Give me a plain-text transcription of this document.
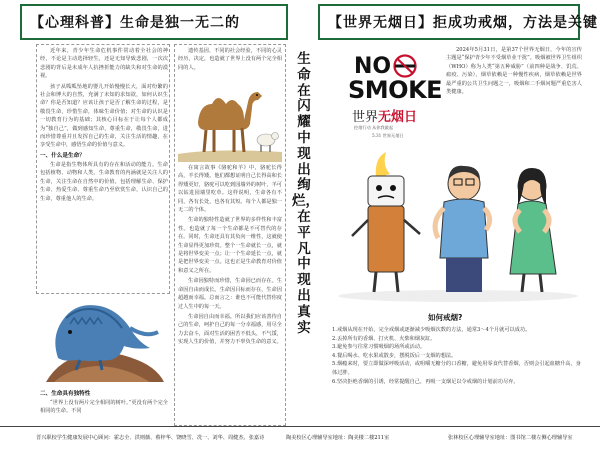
【心理科普】生命是独一无二的	【世界无烟日】拒成功戒烟，方法是关键

近年来，青少年生命危机事件常动着全社会的神经，不论是主动选择轻生，还是无知导致悲剧，一次次悲剧的背后是未成年人抗挫折能力的缺失和对生命的漠视。

孩子从呱呱坠地的婴儿开始慢慢长大，面对纷繁的社会和博大的自然，充满了未知的求知欲，如何认识生命？你是否知道？应该让孩子是否了解生命的过程，是敬畏生命，珍惜生命，体味生命价值；对生命的认识是一切教育行为的基础；其核心目标在于让每个人都成为“独自己”，做到感知生命，尊重生命，敬畏生命，进而珍惜尊重并且发挥自己的生命，关注生活的情趣，在享受生命中，感悟生命的价值与意义。

一、什么是生命？

生命是指生物体所具有的存在和活动的能力。生命包括植物、动物和人类。生命教育的内涵就是关注人的生命，关注生命在自然中的价值，包括理解生命、保护生命、热爱生命、尊重生命乃至欣赏生命，认识自己的生命，尊重他人的生命。

二、生命具有独特性

“世界上没有两片完全相同的树叶。”更没有两个完全相同的生命。不同

遗传基因、不同的社会经验，不同的心灵经历，决定，也造就了世界上没有两个完全相同的人。

在寓言故事《骆驼和羊》中，骆驼长得高，羊长得矮。他们都想证明自己长得高和长得矮更好，骆驼可以吃到园墙外的树叶，羊可以钻进园墙里吃草。这样说明，生命各有不同，各有长处，也各有其短。每个人都是独一无二的个体。

生命的独特性造就了世界的多样性和丰富性。也造就了每一个生命都是不可替代的存在。同时，生命还具有其负向一维性，这就使生命显得更加珍贵。整个一生命就长一点，就是将世界变美一点；让一个生命延长一点，就是把世界变美一点。这也正是生命教育对价值和意义之所在。

生命因独特而珍惜，生命因已而存在。生命因自由而成长。生命因目标而存在，生命因超越而幸福。总而言之：谁也不可能代替你度过人生中的每一天。

生命因自由而幸福。所以我们应该善待自己的生命，呵护自己的每一分幸福感，用尽全力去奋斗，面对生活的困苦不低头，不气馁，实现人生的价值，并努力不辜负生命的意义。

生命在闪耀中现出绚烂，在平凡中现出真实
NO
SMOKE
世界无烟日
控烟行动 从你我做起
5.31 世界无烟日

2024年5月31日，是第37个世界无烟日，今年的宣传主题是“保护青少年不受烟草业干扰”。吸烟被世界卫生组织（WHO）称为人类“第五种威胁”（前四种是战争、饥荒、瘟疫、污染），烟草依赖是一种慢性疾病，烟草依赖是世界最严重的公共卫生问题之一，吸烟和二手烟问题严重危害人类健康。

如何戒烟?

1.戒烟从现在开始，完全戒烟或逐渐减少吸烟次数的方法，通常3～4个月就可以成功。

2.丢掉所有的香烟、打火机、火柴和烟灰缸。

3.避免参与往常习惯吸烟的场所或活动。

4.餐后喝水、吃水果或散步，摆脱饭后一支烟的想法。

5.烟瘾来时，要立即做深呼吸活动，或咀嚼无糖分的口香糖，避免用零食代替香烟，否则会引起血糖升高，身体过胖。

6.坚决拒绝香烟的引诱，经常提醒自己，再吸一支烟足以令戒烟的计划前功尽弃。

晋兴职校学生健康发展中心顾问：霍志全、洪则薇、蔡梓华、饶晓雪、冼一、刘华、周健杰、张嘉诗	陶美校区心理辅导室地址：陶美楼二楼211室	张林校区心理辅导室地址：图书馆二楼左侧心理辅导室
